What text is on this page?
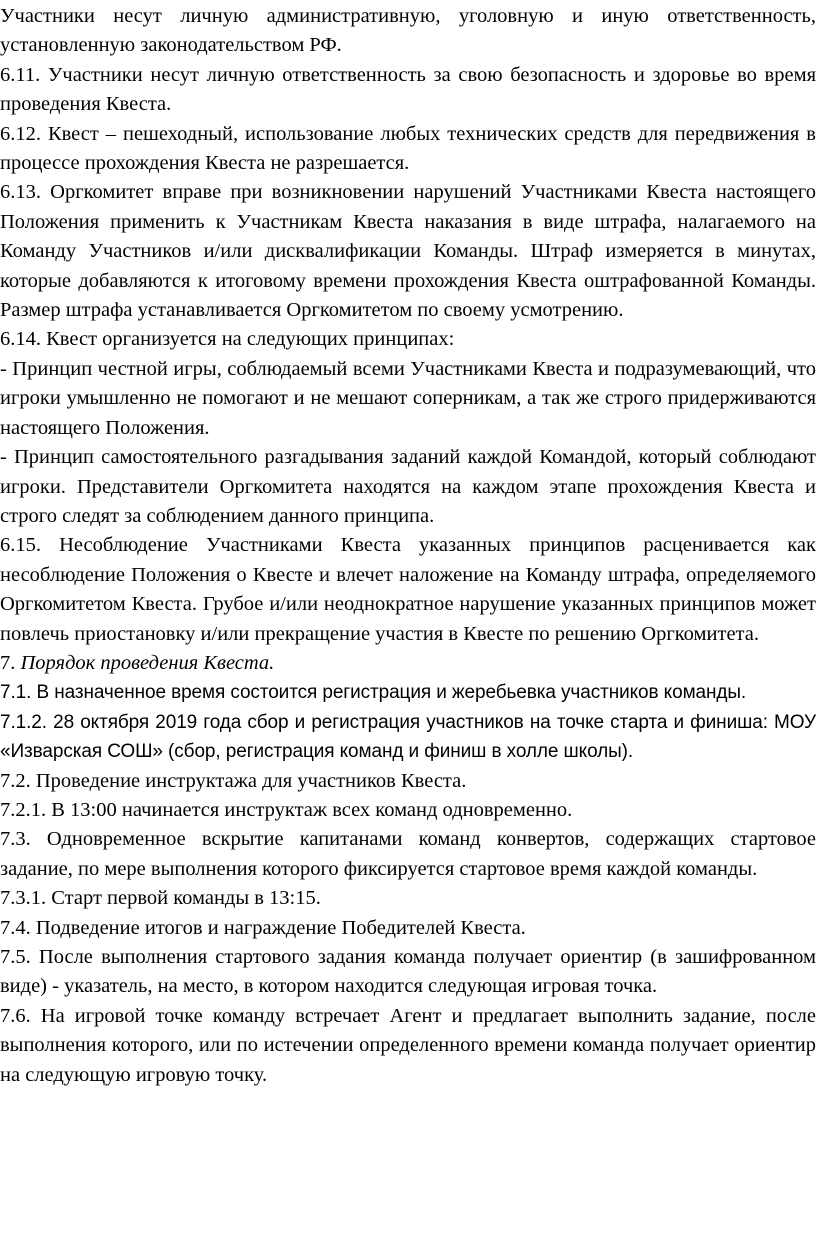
Участники несут личную административную, уголовную и иную ответственность, установленную законодательством РФ.

6.11. Участники несут личную ответственность за свою безопасность и здоровье во время проведения Квеста.

6.12. Квест – пешеходный, использование любых технических средств для передвижения в процессе прохождения Квеста не разрешается.

6.13. Оргкомитет вправе при возникновении нарушений Участниками Квеста настоящего Положения применить к Участникам Квеста наказания в виде штрафа, налагаемого на Команду Участников и/или дисквалификации Команды. Штраф измеряется в минутах, которые добавляются к итоговому времени прохождения Квеста оштрафованной Команды. Размер штрафа устанавливается Оргкомитетом по своему усмотрению.

6.14. Квест организуется на следующих принципах:

- Принцип честной игры, соблюдаемый всеми Участниками Квеста и подразумевающий, что игроки умышленно не помогают и не мешают соперникам, а так же строго придерживаются настоящего Положения.

- Принцип самостоятельного разгадывания заданий каждой Командой, который соблюдают игроки. Представители Оргкомитета находятся на каждом этапе прохождения Квеста и строго следят за соблюдением данного принципа.

6.15. Несоблюдение Участниками Квеста указанных принципов расценивается как несоблюдение Положения о Квесте и влечет наложение на Команду штрафа, определяемого Оргкомитетом Квеста. Грубое и/или неоднократное нарушение указанных принципов может повлечь приостановку и/или прекращение участия в Квесте по решению Оргкомитета.

7. Порядок проведения Квеста.

7.1. В назначенное время состоится регистрация и жеребьевка участников команды.

7.1.2. 28 октября 2019 года сбор и регистрация участников на точке старта и финиша: МОУ «Изварская СОШ» (сбор, регистрация команд и финиш в холле школы).

7.2. Проведение инструктажа для участников Квеста.

7.2.1. В 13:00 начинается инструктаж всех команд одновременно.

7.3. Одновременное вскрытие капитанами команд конвертов, содержащих стартовое задание, по мере выполнения которого фиксируется стартовое время каждой команды.

7.3.1. Старт первой команды в 13:15.

7.4. Подведение итогов и награждение Победителей Квеста.

7.5. После выполнения стартового задания команда получает ориентир (в зашифрованном виде) - указатель, на место, в котором находится следующая игровая точка.

7.6. На игровой точке команду встречает Агент и предлагает выполнить задание, после выполнения которого, или по истечении определенного времени команда получает ориентир на следующую игровую точку.
